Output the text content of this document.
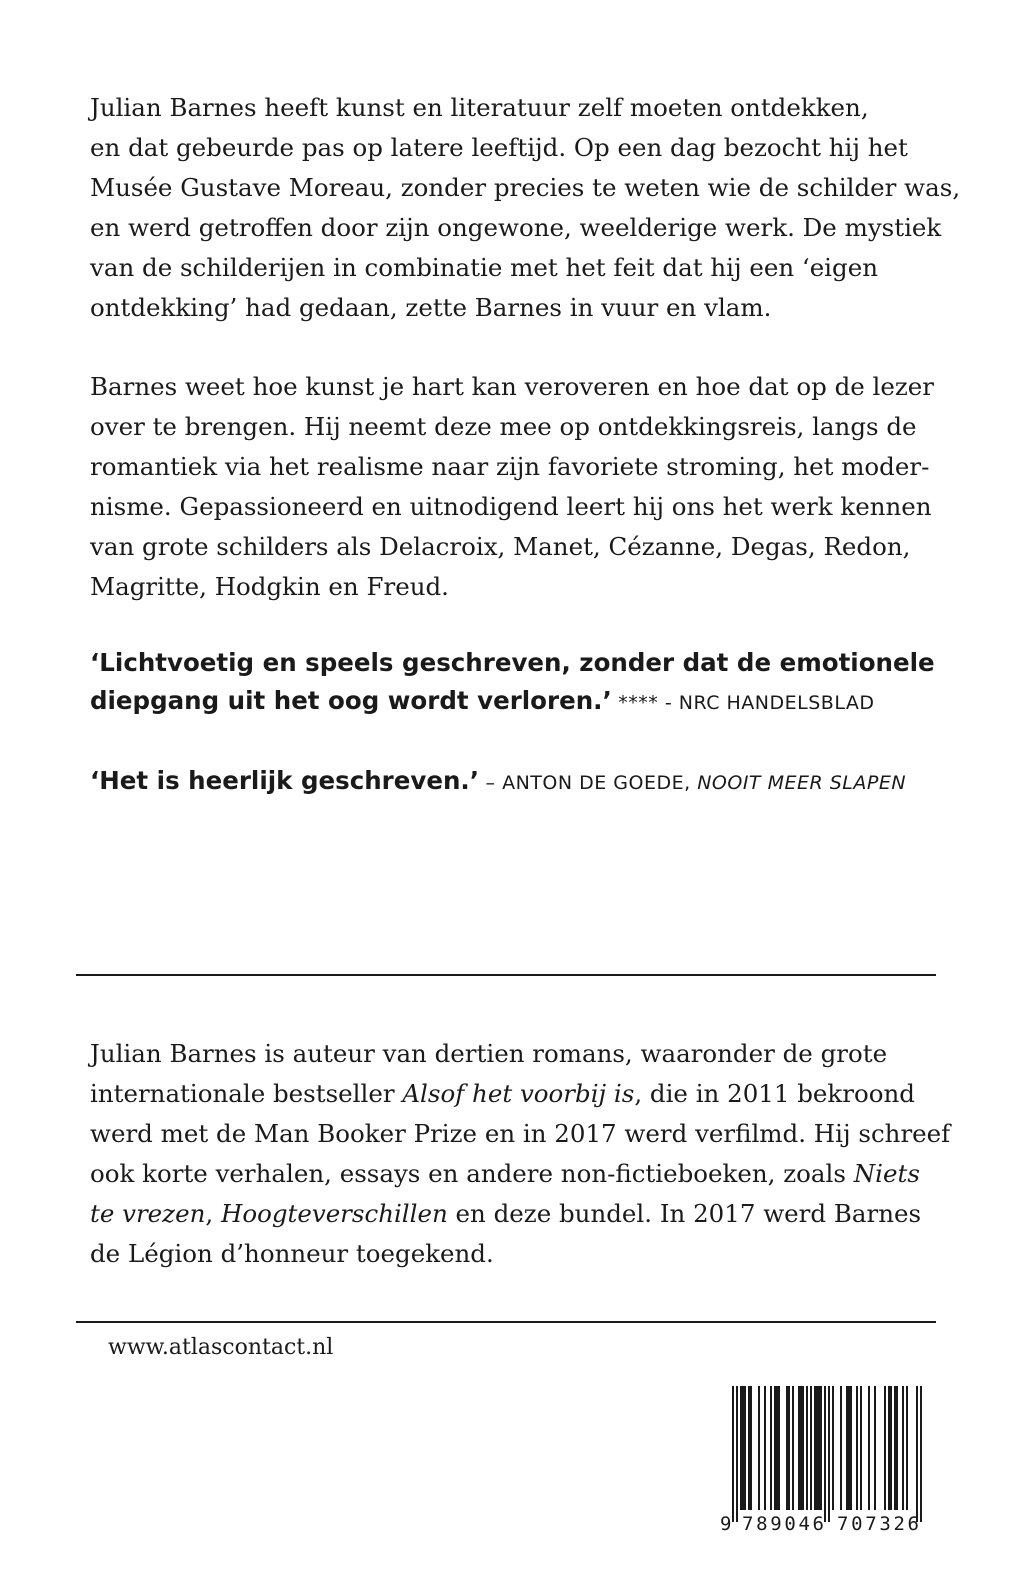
Julian Barnes heeft kunst en literatuur zelf moeten ontdekken,
en dat gebeurde pas op latere leeftijd. Op een dag bezocht hij het
Musée Gustave Moreau, zonder precies te weten wie de schilder was,
en werd getroffen door zijn ongewone, weelderige werk. De mystiek
van de schilderijen in combinatie met het feit dat hij een ‘eigen
ontdekking’ had gedaan, zette Barnes in vuur en vlam.
Barnes weet hoe kunst je hart kan veroveren en hoe dat op de lezer
over te brengen. Hij neemt deze mee op ontdekkingsreis, langs de
romantiek via het realisme naar zijn favoriete stroming, het moder-
nisme. Gepassioneerd en uitnodigend leert hij ons het werk kennen
van grote schilders als Delacroix, Manet, Cézanne, Degas, Redon,
Magritte, Hodgkin en Freud.
‘Lichtvoetig en speels geschreven, zonder dat de emotionele
diepgang uit het oog wordt verloren.’ **** - NRC HANDELSBLAD
‘Het is heerlijk geschreven.’ – ANTON DE GOEDE, NOOIT MEER SLAPEN
Julian Barnes is auteur van dertien romans, waaronder de grote
internationale bestseller Alsof het voorbij is, die in 2011 bekroond
werd met de Man Booker Prize en in 2017 werd verfilmd. Hij schreef
ook korte verhalen, essays en andere non-fictieboeken, zoals Niets
te vrezen, Hoogteverschillen en deze bundel. In 2017 werd Barnes
de Légion d’honneur toegekend.
www.atlascontact.nl
9 789046 707326
